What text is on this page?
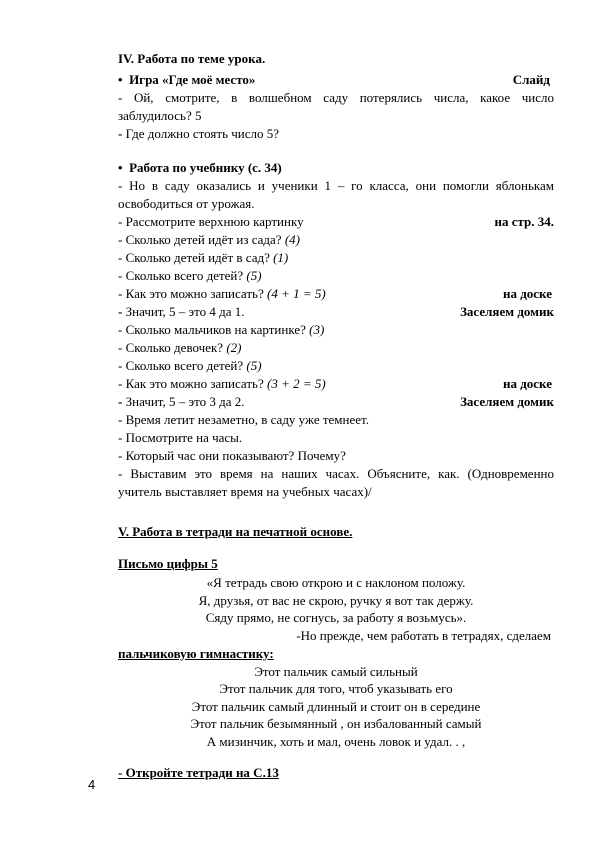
IV. Работа по теме урока.
•  Игра «Где моё место»	Слайд
- Ой, смотрите, в волшебном саду потерялись числа, какое число заблудилось? 5
- Где должно стоять число 5?
•  Работа по учебнику (с. 34)
- Но в саду оказались и ученики 1 – го класса, они помогли яблонькам освободиться от урожая.
- Рассмотрите верхнюю картинку	на стр. 34.
- Сколько детей идёт из сада? (4)
- Сколько детей идёт в сад? (1)
- Сколько всего детей? (5)
- Как это можно записать? (4 + 1 = 5)	на доске
- Значит, 5 – это 4 да 1.	Заселяем домик
- Сколько мальчиков на картинке? (3)
- Сколько девочек? (2)
- Сколько всего детей? (5)
- Как это можно записать? (3 + 2 = 5)	на доске
- Значит, 5 – это 3 да 2.	Заселяем домик
- Время летит незаметно, в саду уже темнеет.
- Посмотрите на часы.
- Который час они показывают? Почему?
- Выставим это время на наших часах. Объясните, как. (Одновременно учитель выставляет время на учебных часах)/
V. Работа в тетради на печатной основе.
Письмо цифры 5
«Я тетрадь свою открою и с наклоном положу.
Я, друзья, от вас не скрою, ручку я вот так держу.
Сяду прямо, не согнусь, за работу я возьмусь».
-Но прежде, чем работать в тетрадях, сделаем
пальчиковую гимнастику:
Этот пальчик самый сильный
Этот пальчик для того, чтоб указывать его
Этот пальчик самый длинный и стоит он в середине
Этот пальчик безымянный , он избалованный самый
А мизинчик, хоть и мал, очень ловок и удал. . ,
- Откройте тетради на С.13
4
